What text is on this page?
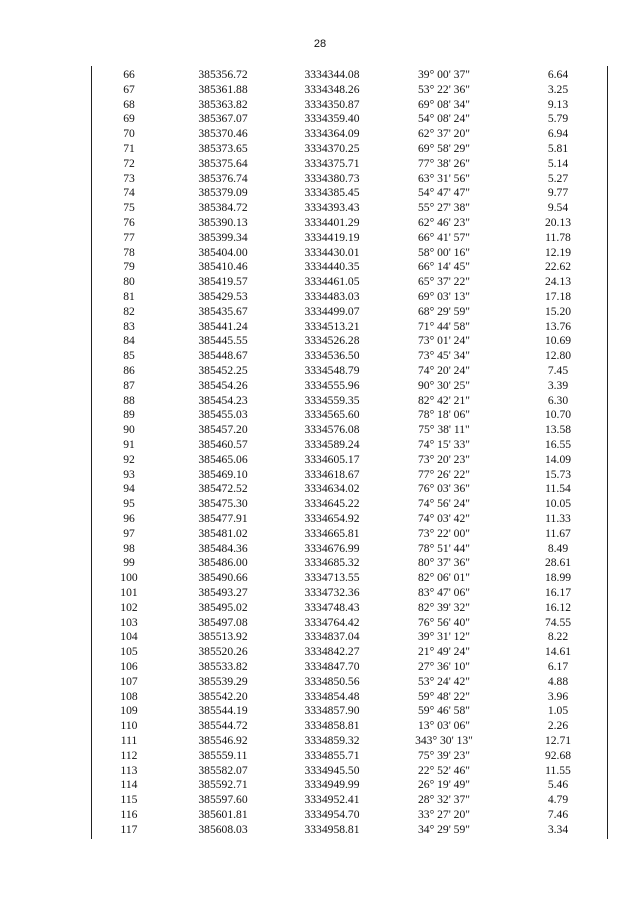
28
66	385356.72	3334344.08	39° 00' 37"	6.64
67	385361.88	3334348.26	53° 22' 36"	3.25
68	385363.82	3334350.87	69° 08' 34"	9.13
69	385367.07	3334359.40	54° 08' 24"	5.79
70	385370.46	3334364.09	62° 37' 20"	6.94
71	385373.65	3334370.25	69° 58' 29"	5.81
72	385375.64	3334375.71	77° 38' 26"	5.14
73	385376.74	3334380.73	63° 31' 56"	5.27
74	385379.09	3334385.45	54° 47' 47"	9.77
75	385384.72	3334393.43	55° 27' 38"	9.54
76	385390.13	3334401.29	62° 46' 23"	20.13
77	385399.34	3334419.19	66° 41' 57"	11.78
78	385404.00	3334430.01	58° 00' 16"	12.19
79	385410.46	3334440.35	66° 14' 45"	22.62
80	385419.57	3334461.05	65° 37' 22"	24.13
81	385429.53	3334483.03	69° 03' 13"	17.18
82	385435.67	3334499.07	68° 29' 59"	15.20
83	385441.24	3334513.21	71° 44' 58"	13.76
84	385445.55	3334526.28	73° 01' 24"	10.69
85	385448.67	3334536.50	73° 45' 34"	12.80
86	385452.25	3334548.79	74° 20' 24"	7.45
87	385454.26	3334555.96	90° 30' 25"	3.39
88	385454.23	3334559.35	82° 42' 21"	6.30
89	385455.03	3334565.60	78° 18' 06"	10.70
90	385457.20	3334576.08	75° 38' 11"	13.58
91	385460.57	3334589.24	74° 15' 33"	16.55
92	385465.06	3334605.17	73° 20' 23"	14.09
93	385469.10	3334618.67	77° 26' 22"	15.73
94	385472.52	3334634.02	76° 03' 36"	11.54
95	385475.30	3334645.22	74° 56' 24"	10.05
96	385477.91	3334654.92	74° 03' 42"	11.33
97	385481.02	3334665.81	73° 22' 00"	11.67
98	385484.36	3334676.99	78° 51' 44"	8.49
99	385486.00	3334685.32	80° 37' 36"	28.61
100	385490.66	3334713.55	82° 06' 01"	18.99
101	385493.27	3334732.36	83° 47' 06"	16.17
102	385495.02	3334748.43	82° 39' 32"	16.12
103	385497.08	3334764.42	76° 56' 40"	74.55
104	385513.92	3334837.04	39° 31' 12"	8.22
105	385520.26	3334842.27	21° 49' 24"	14.61
106	385533.82	3334847.70	27° 36' 10"	6.17
107	385539.29	3334850.56	53° 24' 42"	4.88
108	385542.20	3334854.48	59° 48' 22"	3.96
109	385544.19	3334857.90	59° 46' 58"	1.05
110	385544.72	3334858.81	13° 03' 06"	2.26
111	385546.92	3334859.32	343° 30' 13"	12.71
112	385559.11	3334855.71	75° 39' 23"	92.68
113	385582.07	3334945.50	22° 52' 46"	11.55
114	385592.71	3334949.99	26° 19' 49"	5.46
115	385597.60	3334952.41	28° 32' 37"	4.79
116	385601.81	3334954.70	33° 27' 20"	7.46
117	385608.03	3334958.81	34° 29' 59"	3.34
